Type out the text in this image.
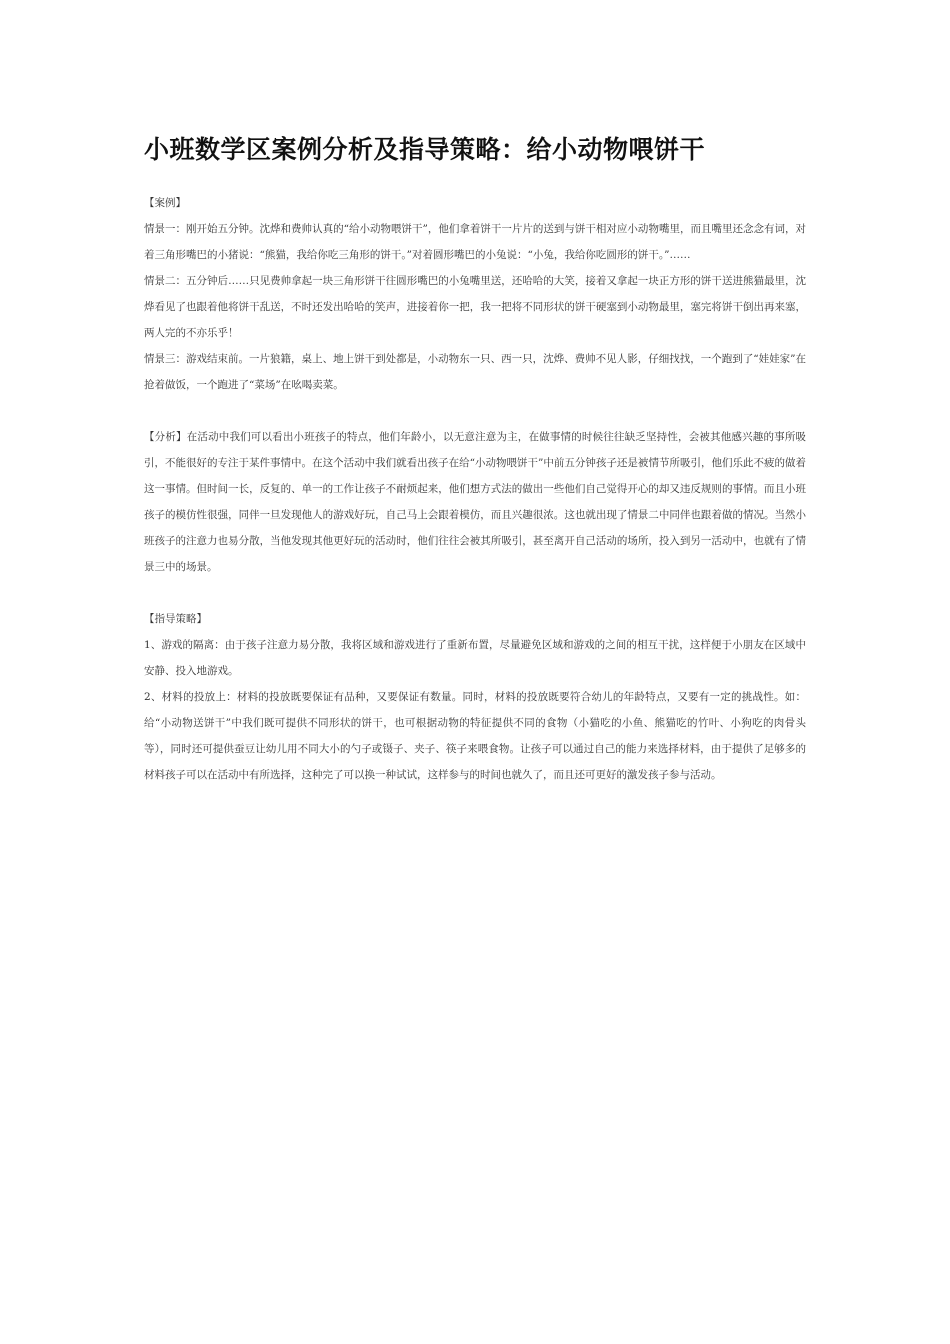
小班数学区案例分析及指导策略：给小动物喂饼干

【案例】

情景一：刚开始五分钟。沈烨和费帅认真的“给小动物喂饼干”，他们拿着饼干一片片的送到与饼干相对应小动物嘴里，而且嘴里还念念有词，对着三角形嘴巴的小猪说：“熊猫，我给你吃三角形的饼干。”对着圆形嘴巴的小兔说：“小兔，我给你吃圆形的饼干。”……

情景二：五分钟后……只见费帅拿起一块三角形饼干往圆形嘴巴的小兔嘴里送，还哈哈的大笑，接着又拿起一块正方形的饼干送进熊猫最里，沈烨看见了也跟着他将饼干乱送，不时还发出哈哈的笑声，进接着你一把，我一把将不同形状的饼干硬塞到小动物最里，塞完将饼干倒出再来塞，两人完的不亦乐乎！

情景三：游戏结束前。一片狼籍，桌上、地上饼干到处都是，小动物东一只、西一只，沈烨、费帅不见人影，仔细找找，一个跑到了“娃娃家”在抢着做饭，一个跑进了“菜场”在吆喝卖菜。

【分析】在活动中我们可以看出小班孩子的特点，他们年龄小，以无意注意为主，在做事情的时候往往缺乏坚持性，会被其他感兴趣的事所吸引，不能很好的专注于某件事情中。在这个活动中我们就看出孩子在给“小动物喂饼干”中前五分钟孩子还是被情节所吸引，他们乐此不疲的做着这一事情。但时间一长，反复的、单一的工作让孩子不耐烦起来，他们想方式法的做出一些他们自己觉得开心的却又违反规则的事情。而且小班孩子的模仿性很强，同伴一旦发现他人的游戏好玩，自己马上会跟着模仿，而且兴趣很浓。这也就出现了情景二中同伴也跟着做的情况。当然小班孩子的注意力也易分散，当他发现其他更好玩的活动时，他们往往会被其所吸引，甚至离开自己活动的场所，投入到另一活动中，也就有了情景三中的场景。

【指导策略】

1、游戏的隔离：由于孩子注意力易分散，我将区域和游戏进行了重新布置，尽量避免区域和游戏的之间的相互干扰，这样便于小朋友在区域中安静、投入地游戏。

2、材料的投放上：材料的投放既要保证有品种，又要保证有数量。同时，材料的投放既要符合幼儿的年龄特点，又要有一定的挑战性。如：给“小动物送饼干”中我们既可提供不同形状的饼干，也可根据动物的特征提供不同的食物（小猫吃的小鱼、熊猫吃的竹叶、小狗吃的肉骨头等），同时还可提供蚕豆让幼儿用不同大小的勺子或镊子、夹子、筷子来喂食物。让孩子可以通过自己的能力来选择材料，由于提供了足够多的材料孩子可以在活动中有所选择，这种完了可以换一种试试，这样参与的时间也就久了，而且还可更好的激发孩子参与活动。
